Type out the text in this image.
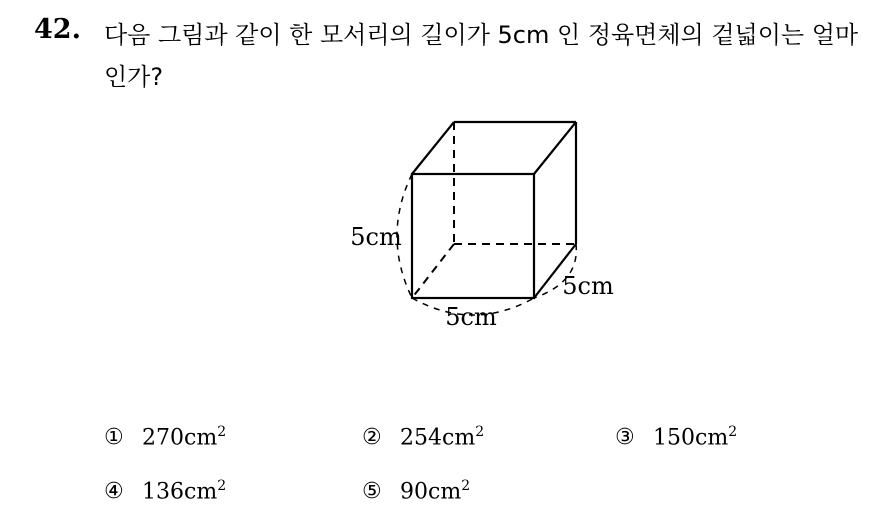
42. 다음 그림과 같이 한 모서리의 길이가 5cm 인 정육면체의 겉넓이는 얼마인가?
5cm
5cm
5cm
① $270cm^2$	② $254cm^2$	③ $150cm^2$
④ $136cm^2$	⑤ $90cm^2$
